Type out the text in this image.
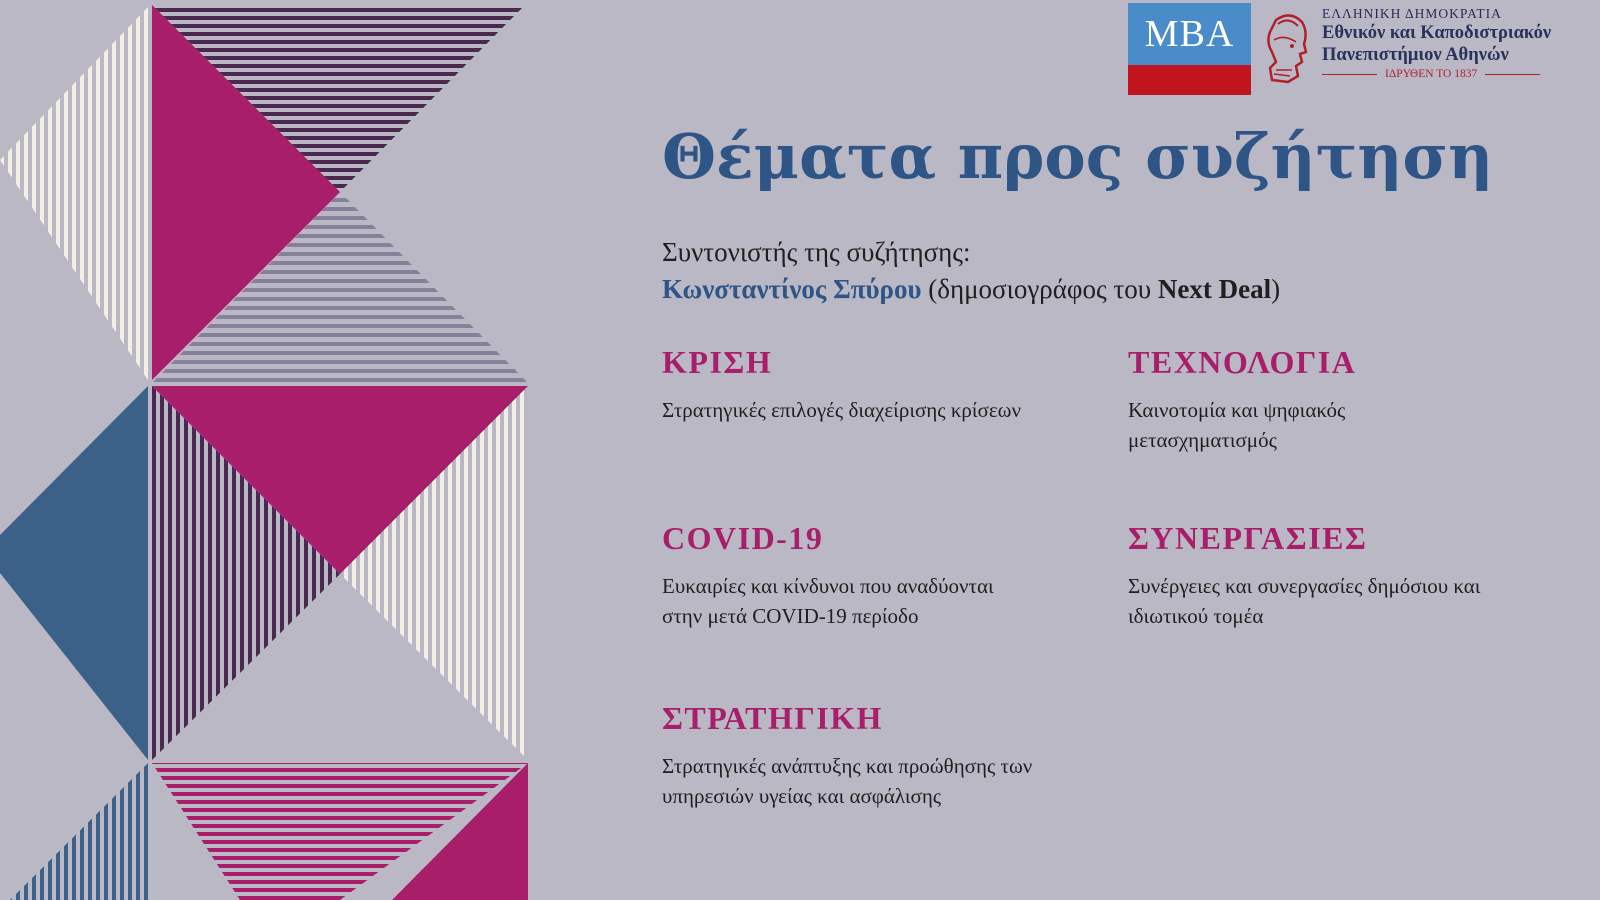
MBA	ΕΛΛΗΝΙΚΗ ΔΗΜΟΚΡΑΤΙΑ
Εθνικόν και Καποδιστριακόν
Πανεπιστήμιον Αθηνών
ΙΔΡΥΘΕΝ ΤΟ 1837
Θέματα προς συζήτηση
Συντονιστής της συζήτησης:
Κωνσταντίνος Σπύρου (δημοσιογράφος του Next Deal)
ΚΡΙΣΗ
Στρατηγικές επιλογές διαχείρισης κρίσεων
ΤΕΧΝΟΛΟΓΙΑ
Καινοτομία και ψηφιακός μετασχηματισμός
COVID-19
Ευκαιρίες και κίνδυνοι που αναδύονται στην μετά COVID-19 περίοδο
ΣΥΝΕΡΓΑΣΙΕΣ
Συνέργειες και συνεργασίες δημόσιου και ιδιωτικού τομέα
ΣΤΡΑΤΗΓΙΚΗ
Στρατηγικές ανάπτυξης και προώθησης των υπηρεσιών υγείας και ασφάλισης
